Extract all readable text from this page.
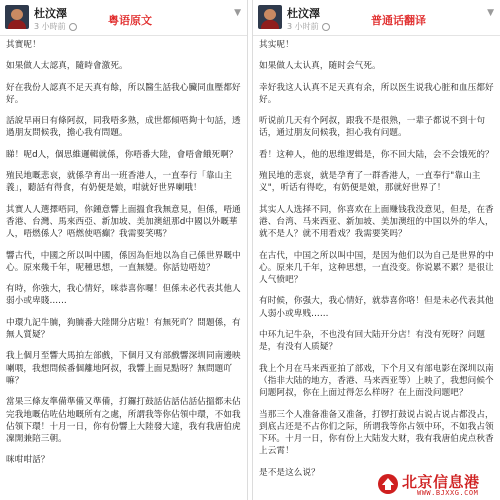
杜汶澤
3 小時前	粤语原文
▼

其實呢！

如果做人太認真，隨時會激死。

好在我份人認真不足天真有餘，所以醫生話我心臟同血壓都好好。

話說早兩日有條阿叔，同我唔多熟，成世都傾唔夠十句話，透過朋友問候我，擔心我有問題。

睇！呢d人，個思維邏輯就係，你唔番大陸，會唔會餓死啊？

殖民地嘅悲哀，就係孕育出一班香港人，一直奉行「靠山主義」，聽話有得食，有奶便是娘，咁就好世界喇哦！

其實人人選擇唔同，你鍾意響上面搵食我無意見，但係，唔通香港、台灣、馬來西亞、新加坡、美加澳紐那d中國以外嘅華人，唔燃係人？唔燃使唔癲？我需要笑嗎？

響古代，中國之所以叫中國，係因為佢地以為自己係世界嘅中心。原來幾千年，呢種思想，一直無變。你話攰唔攰？

有時，你強大，我心情好，咪恭喜你囉！但係未必代表其他人弱小或卑賤……

中環九記牛腩，狗腩番大陸開分店啦！有無死吖？問題係，有無人質疑？

我上個月至響大馬拍左部戲，下個月又有部戲響深圳同南邊映喇喂，我想問候番個離地阿叔，我響上面見點呀？無問題吖嘛？

當果三條友準備準備又準備，打鑼打鼓話佔話佔話佔搵都未佔完我地嘅佔咗佔地嘅所有之處，所謂我等你佔領中環，不如我佔領下環！十月一日，你有份響上大陸發大達，我有我唐伯虎凜開兼陪三朝。

咪咁咁話？

杜汶澤
3 小时前	普通话翻译
▼

其实呢！

如果做人太认真，随时会气死。

幸好我这人认真不足天真有余，所以医生说我心脏和血压都好好。

听说前几天有个阿叔，跟我不是很熟，一辈子都说不到十句话，通过朋友问候我，担心我有问题。

看！这种人，他的思维逻辑是，你不回大陆，会不会饿死的？

殖民地的悲哀，就是孕育了一群香港人，一直奉行"靠山主义"，听话有得吃，有奶便是娘，那就好世界了！

其实人人选择不同，你喜欢在上面赚钱我没意见，但是，在香港、台湾、马来西亚、新加坡、美加澳纽的中国以外的华人，就不是人？就不用看戏？我需要笑吗？

在古代，中国之所以叫中国，是因为他们以为自己是世界的中心。原来几千年，这种思想，一直没变。你说累不累？是很让人气愤吧？

有时候，你强大，我心情好，就恭喜你咯！但是未必代表其他人弱小或卑贱……

中环九记牛杂，不也没有回大陆开分店！有没有死呀？问题是，有没有人质疑？

我上个月在马来西亚拍了部戏，下个月又有部电影在深圳以南（指非大陆的地方，香港、马来西亚等）上映了，我想问候个问题阿叔，你在上面过得怎么样呀？在上面没问题吧？

当那三个人准备准备又准备，打锣打鼓说占说占说占都没占，到底占还是不占你们之际，所谓我等你占领中环，不如我占领下环。十月一日，你有份上大陆发大财，我有我唐伯虎点秋香上云霄！

是不是这么说？

北京信息港
WWW.BJXXG.COM
